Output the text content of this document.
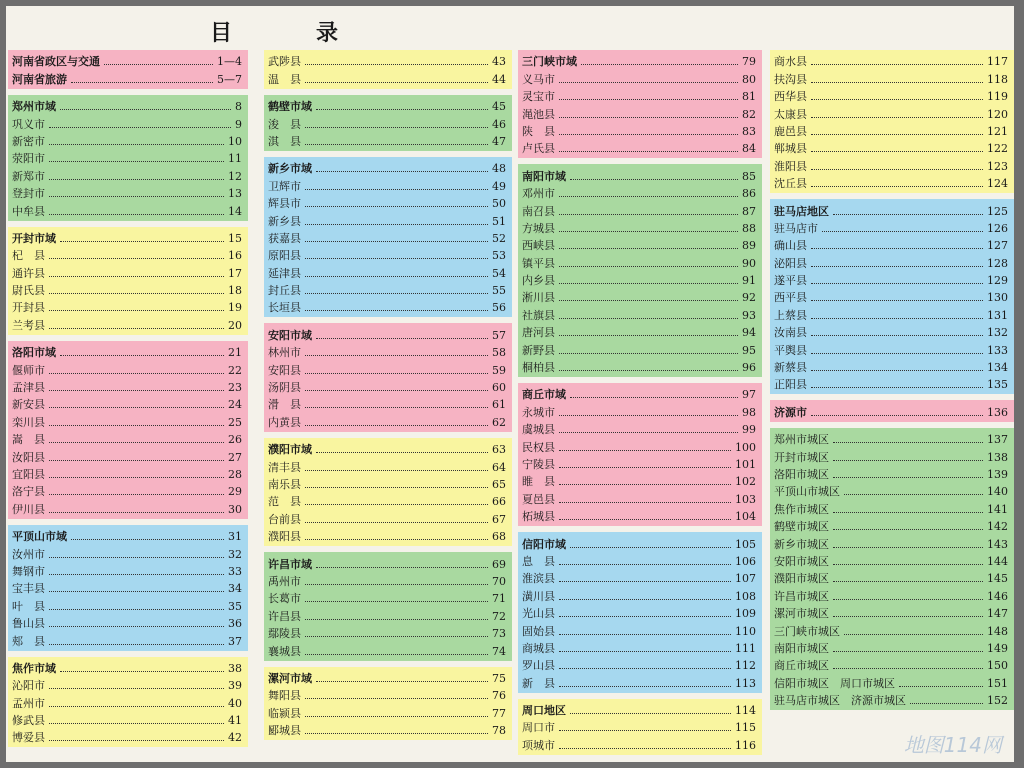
目	录
河南省政区与交通	1—4
河南省旅游	5—7
郑州市域	8
巩义市	9
新密市	10
荥阳市	11
新郑市	12
登封市	13
中牟县	14
开封市域	15
杞　县	16
通许县	17
尉氏县	18
开封县	19
兰考县	20
洛阳市域	21
偃师市	22
孟津县	23
新安县	24
栾川县	25
嵩　县	26
汝阳县	27
宜阳县	28
洛宁县	29
伊川县	30
平顶山市域	31
汝州市	32
舞钢市	33
宝丰县	34
叶　县	35
鲁山县	36
郏　县	37
焦作市域	38
沁阳市	39
孟州市	40
修武县	41
博爱县	42
武陟县	43
温　县	44
鹤壁市域	45
浚　县	46
淇　县	47
新乡市域	48
卫辉市	49
辉县市	50
新乡县	51
获嘉县	52
原阳县	53
延津县	54
封丘县	55
长垣县	56
安阳市域	57
林州市	58
安阳县	59
汤阴县	60
滑　县	61
内黄县	62
濮阳市域	63
清丰县	64
南乐县	65
范　县	66
台前县	67
濮阳县	68
许昌市域	69
禹州市	70
长葛市	71
许昌县	72
鄢陵县	73
襄城县	74
漯河市域	75
舞阳县	76
临颍县	77
郾城县	78
三门峡市域	79
义马市	80
灵宝市	81
渑池县	82
陕　县	83
卢氏县	84
南阳市域	85
邓州市	86
南召县	87
方城县	88
西峡县	89
镇平县	90
内乡县	91
淅川县	92
社旗县	93
唐河县	94
新野县	95
桐柏县	96
商丘市域	97
永城市	98
虞城县	99
民权县	100
宁陵县	101
睢　县	102
夏邑县	103
柘城县	104
信阳市域	105
息　县	106
淮滨县	107
潢川县	108
光山县	109
固始县	110
商城县	111
罗山县	112
新　县	113
周口地区	114
周口市	115
项城市	116
商水县	117
扶沟县	118
西华县	119
太康县	120
鹿邑县	121
郸城县	122
淮阳县	123
沈丘县	124
驻马店地区	125
驻马店市	126
确山县	127
泌阳县	128
遂平县	129
西平县	130
上蔡县	131
汝南县	132
平舆县	133
新蔡县	134
正阳县	135
济源市	136
郑州市城区	137
开封市城区	138
洛阳市城区	139
平顶山市城区	140
焦作市城区	141
鹤壁市城区	142
新乡市城区	143
安阳市城区	144
濮阳市城区	145
许昌市城区	146
漯河市城区	147
三门峡市城区	148
南阳市城区	149
商丘市城区	150
信阳市城区　周口市城区	151
驻马店市城区　济源市城区	152
地图114网
